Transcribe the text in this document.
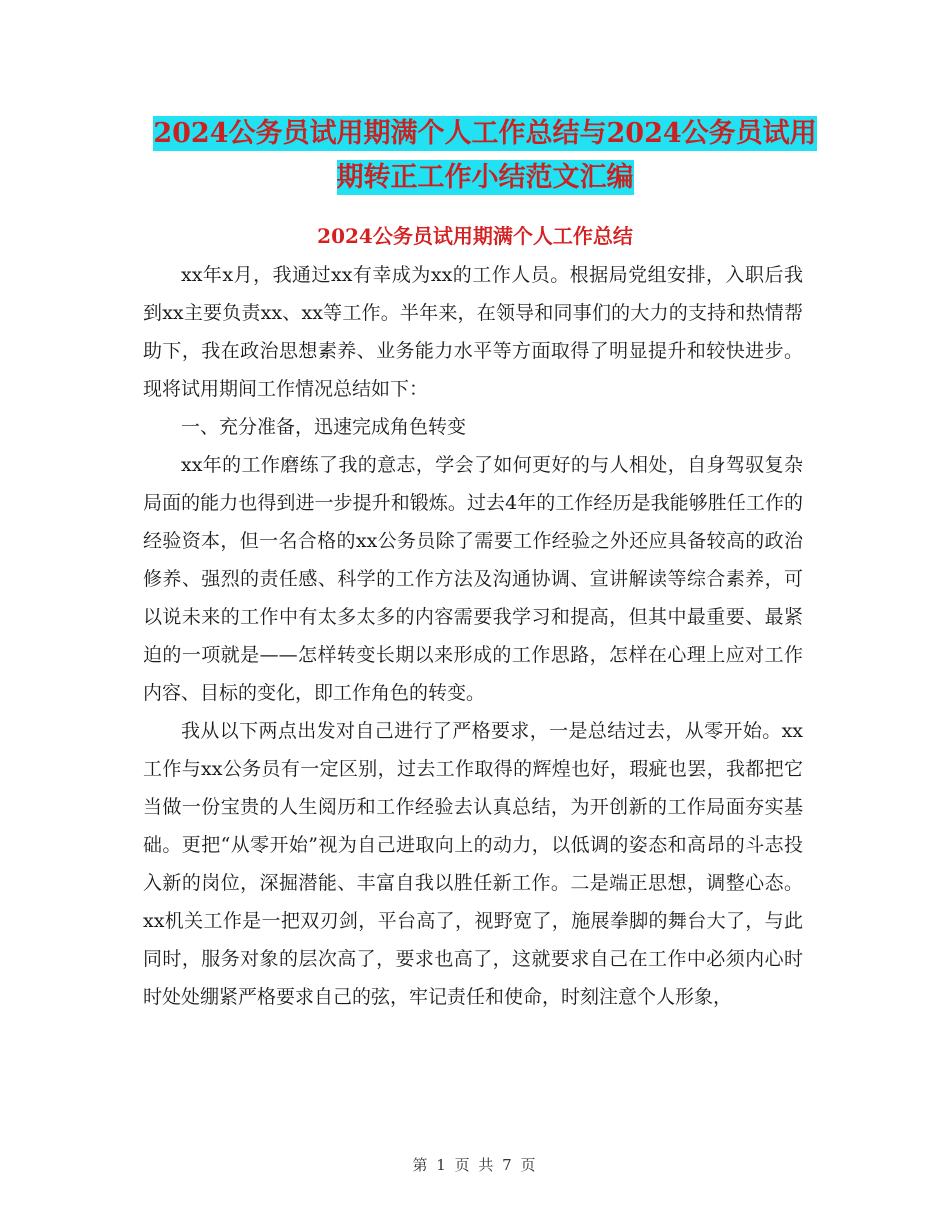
2024公务员试用期满个人工作总结与2024公务员试用
期转正工作小结范文汇编
2024公务员试用期满个人工作总结

xx年x月，我通过xx有幸成为xx的工作人员。根据局党组安排，入职后我到xx主要负责xx、xx等工作。半年来，在领导和同事们的大力的支持和热情帮助下，我在政治思想素养、业务能力水平等方面取得了明显提升和较快进步。现将试用期间工作情况总结如下：

一、充分准备，迅速完成角色转变

xx年的工作磨练了我的意志，学会了如何更好的与人相处，自身驾驭复杂局面的能力也得到进一步提升和锻炼。过去4年的工作经历是我能够胜任工作的经验资本，但一名合格的xx公务员除了需要工作经验之外还应具备较高的政治修养、强烈的责任感、科学的工作方法及沟通协调、宣讲解读等综合素养，可以说未来的工作中有太多太多的内容需要我学习和提高，但其中最重要、最紧迫的一项就是——怎样转变长期以来形成的工作思路，怎样在心理上应对工作内容、目标的变化，即工作角色的转变。

我从以下两点出发对自己进行了严格要求，一是总结过去，从零开始。xx工作与xx公务员有一定区别，过去工作取得的辉煌也好，瑕疵也罢，我都把它当做一份宝贵的人生阅历和工作经验去认真总结，为开创新的工作局面夯实基础。更把“从零开始”视为自己进取向上的动力，以低调的姿态和高昂的斗志投入新的岗位，深掘潜能、丰富自我以胜任新工作。二是端正思想，调整心态。xx机关工作是一把双刃剑，平台高了，视野宽了，施展拳脚的舞台大了，与此同时，服务对象的层次高了，要求也高了，这就要求自己在工作中必须内心时时处处绷紧严格要求自己的弦，牢记责任和使命，时刻注意个人形象，

第 1 页 共 7 页
